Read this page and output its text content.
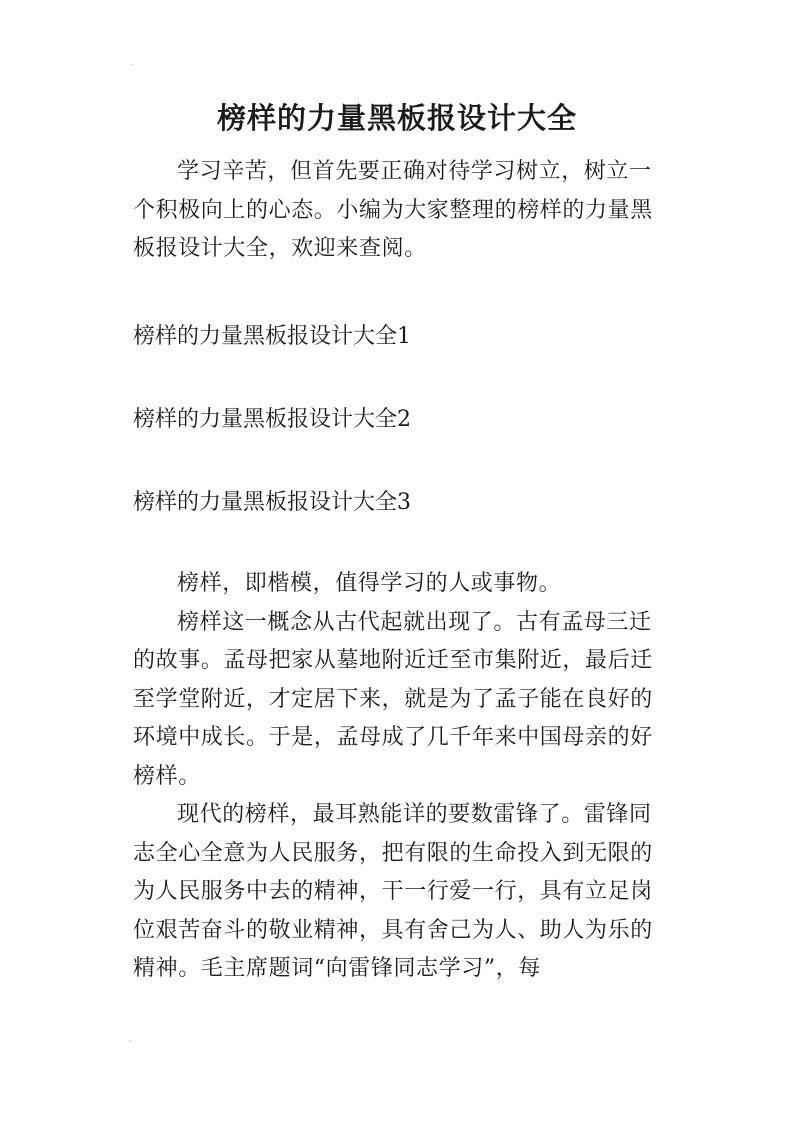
榜样的力量黑板报设计大全

学习辛苦，但首先要正确对待学习树立，树立一个积极向上的心态。小编为大家整理的榜样的力量黑板报设计大全，欢迎来查阅。

榜样的力量黑板报设计大全1

榜样的力量黑板报设计大全2

榜样的力量黑板报设计大全3

榜样，即楷模，值得学习的人或事物。

榜样这一概念从古代起就出现了。古有孟母三迁的故事。孟母把家从墓地附近迁至市集附近，最后迁至学堂附近，才定居下来，就是为了孟子能在良好的环境中成长。于是，孟母成了几千年来中国母亲的好榜样。

现代的榜样，最耳熟能详的要数雷锋了。雷锋同志全心全意为人民服务，把有限的生命投入到无限的为人民服务中去的精神，干一行爱一行，具有立足岗位艰苦奋斗的敬业精神，具有舍己为人、助人为乐的精神。毛主席题词“向雷锋同志学习”，每
